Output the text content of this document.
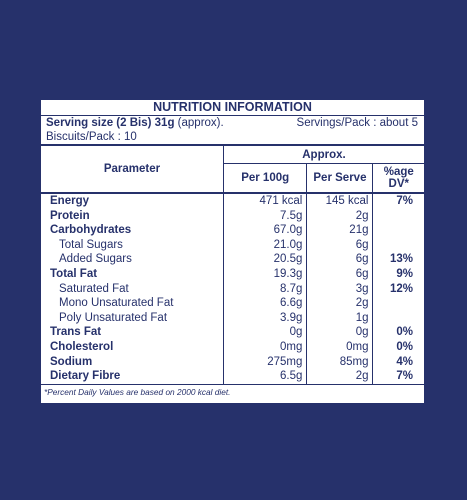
NUTRITION INFORMATION
Serving size (2 Bis) 31g (approx).	Servings/Pack : about 5
Biscuits/Pack : 10
Parameter	Approx.		
	Per 100g	Per Serve	%age
DV*
Energy	471 kcal	145 kcal	7%
Protein	7.5g	2g	
Carbohydrates	67.0g	21g	
Total Sugars	21.0g	6g	
Added Sugars	20.5g	6g	13%
Total Fat	19.3g	6g	9%
Saturated Fat	8.7g	3g	12%
Mono Unsaturated Fat	6.6g	2g	
Poly Unsaturated Fat	3.9g	1g	
Trans Fat	0g	0g	0%
Cholesterol	0mg	0mg	0%
Sodium	275mg	85mg	4%
Dietary Fibre	6.5g	2g	7%
*Percent Daily Values are based on 2000 kcal diet.
